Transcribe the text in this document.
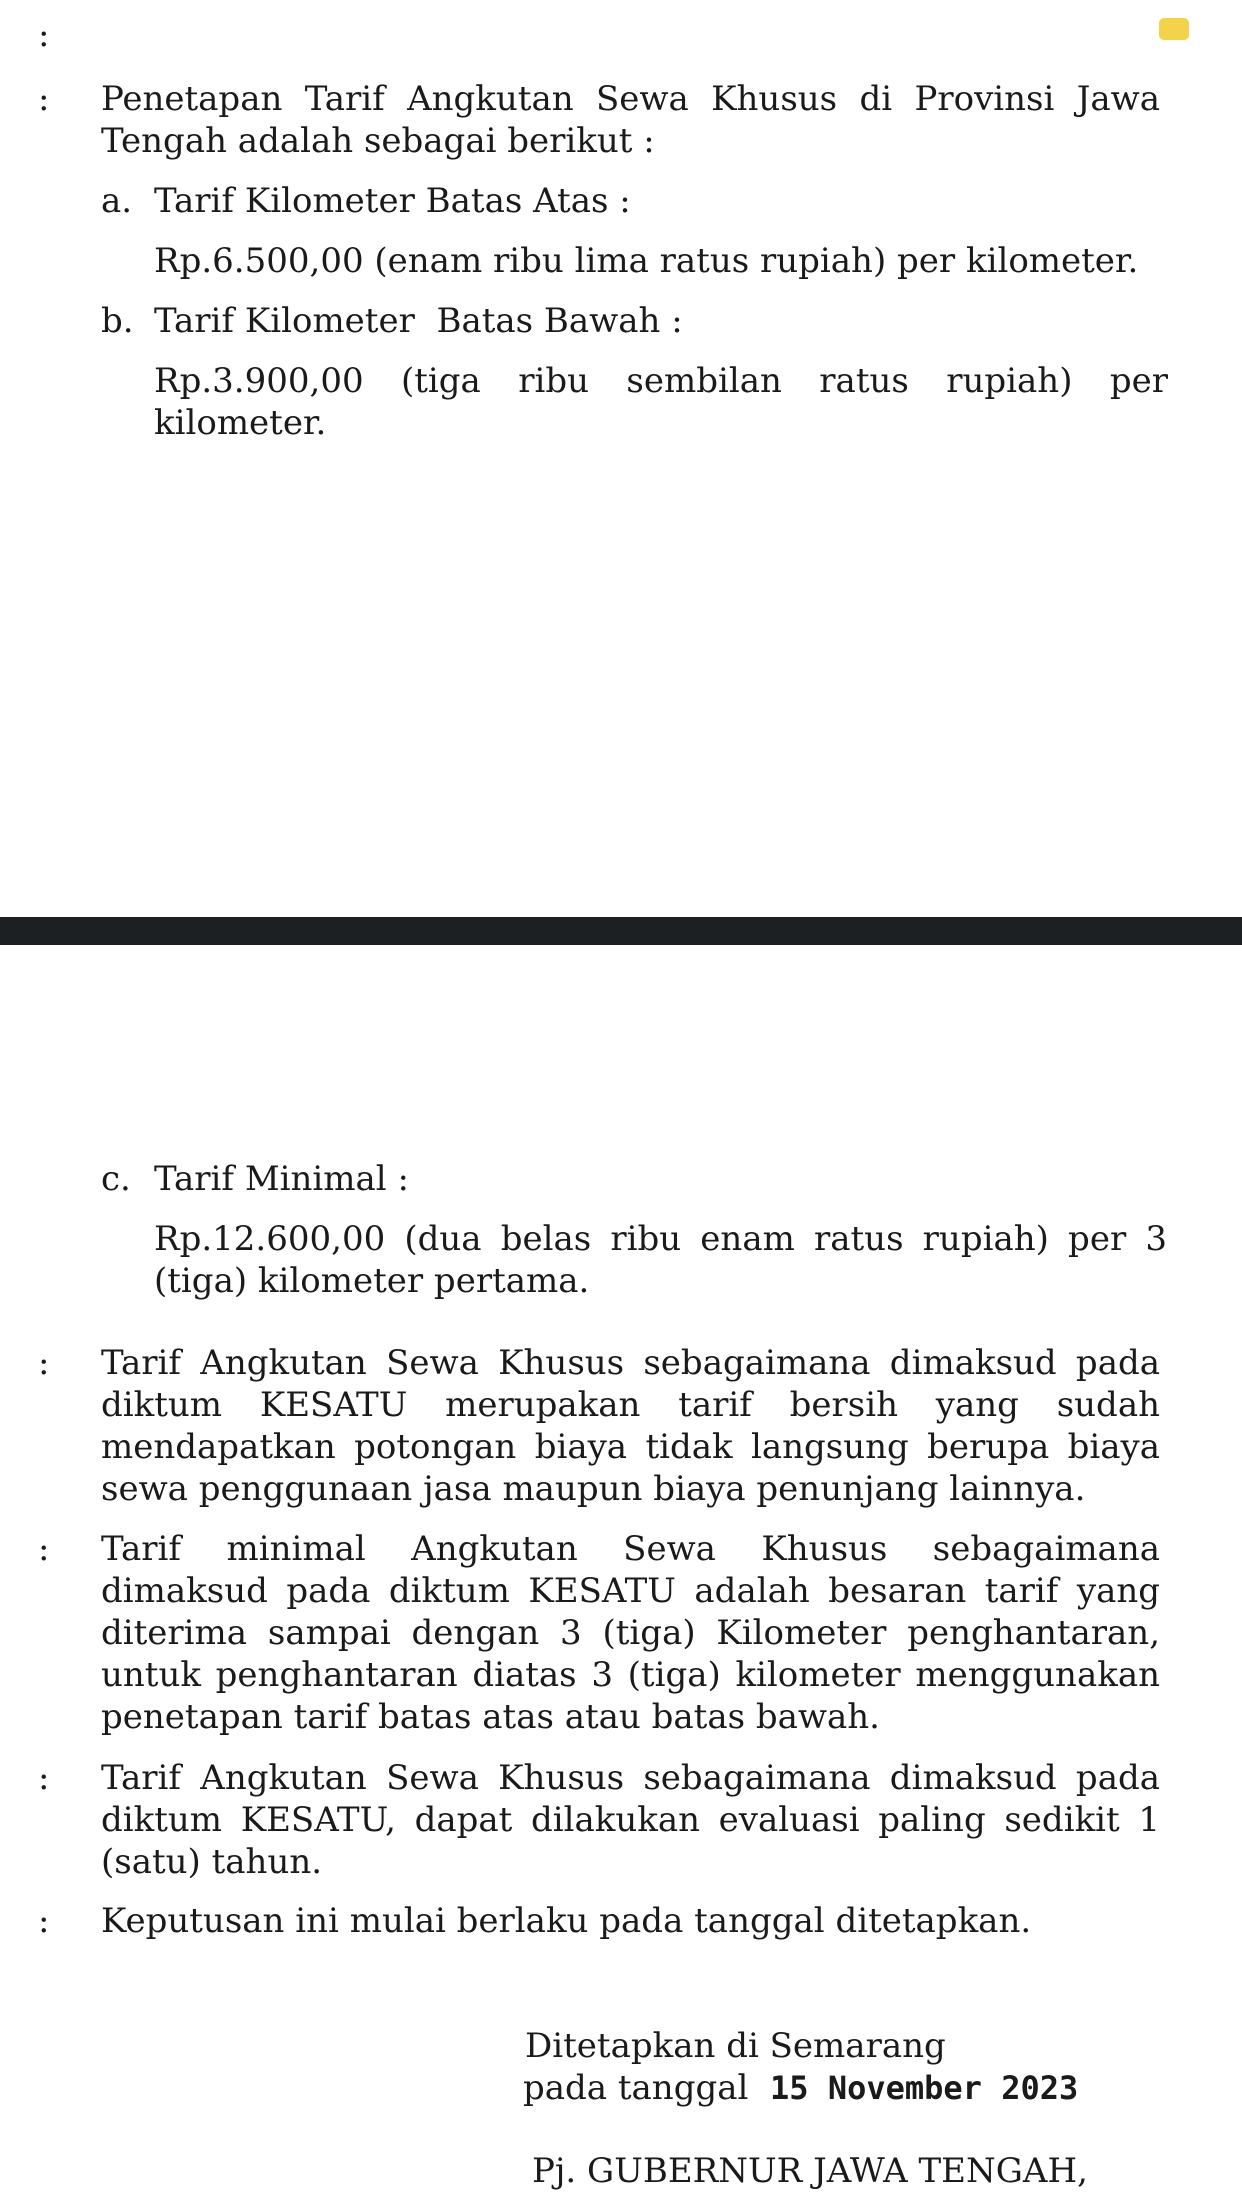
:
: Penetapan Tarif Angkutan Sewa Khusus di Provinsi Jawa Tengah adalah sebagai berikut :

a. Tarif Kilometer Batas Atas :

Rp.6.500,00 (enam ribu lima ratus rupiah) per kilometer.

b. Tarif Kilometer  Batas Bawah :

Rp.3.900,00 (tiga ribu sembilan ratus rupiah) per kilometer.

c. Tarif Minimal :

Rp.12.600,00 (dua belas ribu enam ratus rupiah) per 3 (tiga) kilometer pertama.

: Tarif Angkutan Sewa Khusus sebagaimana dimaksud pada diktum KESATU merupakan tarif bersih yang sudah mendapatkan potongan biaya tidak langsung berupa biaya sewa penggunaan jasa maupun biaya penunjang lainnya.

: Tarif minimal Angkutan Sewa Khusus sebagaimana dimaksud pada diktum KESATU adalah besaran tarif yang diterima sampai dengan 3 (tiga) Kilometer penghantaran, untuk penghantaran diatas 3 (tiga) kilometer menggunakan penetapan tarif batas atas atau batas bawah.

: Tarif Angkutan Sewa Khusus sebagaimana dimaksud pada diktum KESATU, dapat dilakukan evaluasi paling sedikit 1 (satu) tahun.

: Keputusan ini mulai berlaku pada tanggal ditetapkan.

Ditetapkan di Semarang
pada tanggal 15 November 2023
Pj. GUBERNUR JAWA TENGAH,
